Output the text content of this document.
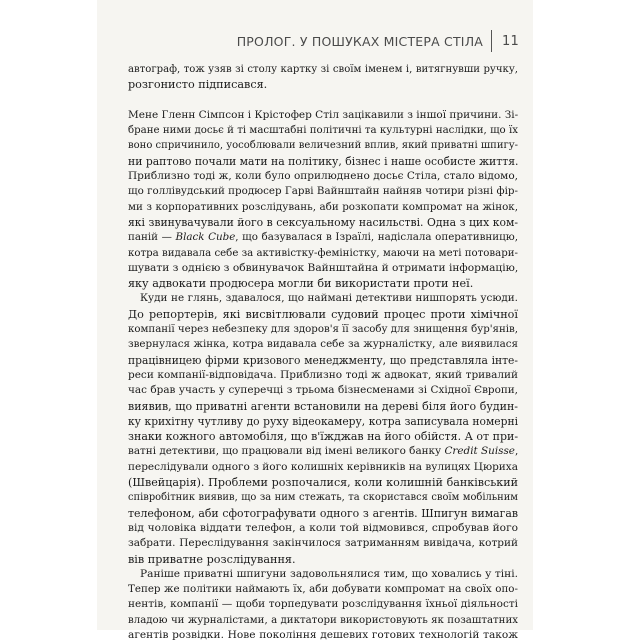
ПРОЛОГ. У ПОШУКАХ МІСТЕРА СТІЛА	11
автограф, тож узяв зі столу картку зі своїм іменем і, витягнувши ручку,
розгонисто підписався.
Мене Гленн Сімпсон і Крістофер Стіл зацікавили з іншої причини. Зі-
бране ними досьє й ті масштабні політичні та культурні наслідки, що їх
воно спричинило, уособлювали величезний вплив, який приватні шпигу-
ни раптово почали мати на політику, бізнес і наше особисте життя.
Приблизно тоді ж, коли було оприлюднено досьє Стіла, стало відомо,
що голлівудський продюсер Гарві Вайнштайн найняв чотири різні фір-
ми з корпоративних розслідувань, аби розкопати компромат на жінок,
які звинувачували його в сексуальному насильстві. Одна з цих ком-
паній — Black Cube, що базувалася в Ізраїлі, надіслала оперативницю,
котра видавала себе за активістку-феміністку, маючи на меті потовари-
шувати з однією з обвинувачок Вайнштайна й отримати інформацію,
яку адвокати продюсера могли би використати проти неї.
Куди не глянь, здавалося, що наймані детективи нишпорять усюди.
До репортерів, які висвітлювали судовий процес проти хімічної
компанії через небезпеку для здоров'я її засобу для знищення бур'янів,
звернулася жінка, котра видавала себе за журналістку, але виявилася
працівницею фірми кризового менеджменту, що представляла інте-
реси компанії-відповідача. Приблизно тоді ж адвокат, який тривалий
час брав участь у суперечці з трьома бізнесменами зі Східної Європи,
виявив, що приватні агенти встановили на дереві біля його будин-
ку крихітну чутливу до руху відеокамеру, котра записувала номерні
знаки кожного автомобіля, що в'їжджав на його обійстя. А от при-
ватні детективи, що працювали від імені великого банку Credit Suisse,
переслідували одного з його колишніх керівників на вулицях Цюриха
(Швейцарія). Проблеми розпочалися, коли колишній банківський
співробітник виявив, що за ним стежать, та скористався своїм мобільним
телефоном, аби сфотографувати одного з агентів. Шпигун вимагав
від чоловіка віддати телефон, а коли той відмовився, спробував його
забрати. Переслідування закінчилося затриманням вивідача, котрий
вів приватне розслідування.
Раніше приватні шпигуни задовольнялися тим, що ховались у тіні.
Тепер же політики наймають їх, аби добувати компромат на своїх опо-
нентів, компанії — щоби торпедувати розслідування їхньої діяльності
владою чи журналістами, а диктатори використовують як позаштатних
агентів розвідки. Нове покоління дешевих готових технологій також
